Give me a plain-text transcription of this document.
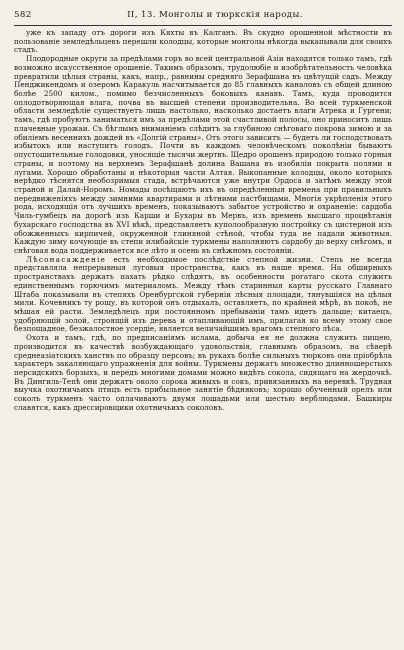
582	II, 13. Монголы и тюркскія народы.

уже къ западу отъ дороги изъ Кяхты въ Калганъ. Въ скудно орошенной мѣстности въ пользованіе земледѣльцевъ перешли колодцы, которые монголы нѣкогда выкапывали для своихъ стадъ.

Плодородные округи за предѣлами горъ во всей центральной Азіи находятся только тамъ, гдѣ возможно искусственное орошеніе. Такимъ образомъ, трудолюбіе и изобрѣтательность человѣка превратили цѣлыя страны, какъ, напр., равнины средняго Зерафшана въ цвѣтущій садъ. Между Пенджикендомъ и озеромъ Каракуль насчитывается до 85 главныхъ каналовъ съ общей длиною болѣе 2500 килом., помимо безчисленныхъ боковыхъ канавъ. Тамъ, куда проводится оплодотворяющая влага, почва въ высшей степени производительна. Во всей туркменской области земледѣліе существуетъ лишь настолько, насколько достаетъ влаги Атрека и Гургени; тамъ, гдѣ пробуютъ заниматься имъ за предѣлами этой счастливой полосы, оно приноситъ лишь плачевные урожаи. Съ бѣглымъ вниманіемъ слѣдитъ за глубиною снѣговаго покрова зимою и за обиліемъ весеннихъ дождей въ «Долгій страны». Отъ этого зависитъ — будетъ ли господствовать избытокъ или наступитъ голодъ. Почти въ каждомъ человѣческомъ поколѣніи бываютъ опустошительные голодовки, уносящіе тысячи жертвъ. Щедро орошенъ природою только горныя страны, и поэтому на верхнемъ Зерафшанѣ долина Вашана въ изобиліи покрыта полями и лугами. Хорошо обработаны и нѣкоторыя части Алтая. Выкопанные колодцы, около которыхъ нерѣдко тѣснятся необозримыя стада, встрѣчаются уже внутри Ордоса и затѣмъ между этой страной и Далай-Норомъ. Номады посѣщаютъ ихъ въ опредѣленныя времена при правильныхъ передвиженіяхъ между зимними квартирами и лѣтними пастбищами. Многія укрѣпленія этого рода, исходящія отъ лучшихъ временъ, показываютъ забытое устройство и охраненіе: сардоба Чиль-гумбецъ на дорогѣ изъ Карши и Бухары въ Мервъ, изъ времень высшаго процвѣтанія бухарскаго господства въ XVI вѣкѣ, представляетъ куполообразную постройку съ цистерной изъ обожженныхъ кирпичей, окруженной глиняной стѣной, чтобы туда не падали животныя. Каждую зиму кочующіе въ степи илибайскіе туркмены наполняютъ сардобу до верху снѣгомъ, и снѣговая вода поддерживается все лѣто и осень въ снѣжномъ состояніи.

Лѣсонасажденіе есть необходимое послѣдствіе степной жизни. Степь не всегда представляла непрерывныя луговыя пространства, какъ въ наше время. На обширныхъ пространствахъ держать пахать рѣдко слѣдятъ, въ особенности рогатаго скота служитъ единственнымъ горючимъ материаломъ. Между тѣмъ старинныя карты русскаго Главнаго Штаба показывали въ степяхъ Оренбургской губерніи лѣсныя площади, тянувшіяся на цѣлыя мили. Кочевникъ ту рощу, въ которой онъ отдыхалъ, оставляетъ, по крайней мѣрѣ, въ покоѣ, не мѣшая ей расти. Земледѣлецъ при постоянномъ пребываніи тамъ идетъ дальше; китаецъ, удобряющій золой, строящій изъ дерева и отапливающій имъ, прилагая ко всему этому свое безпощадное, безжалостное усердіе, является величайшимъ врагомъ степного лѣса.

Охота и тамъ, гдѣ, по предписаніямъ ислама, добыча ея не должна служить пищею, производится въ качествѣ возбуждающаго удовольствія, главнымъ образомъ, на сѣверѣ среднеазіатскихъ ханствъ по образцу персовъ; въ рукахъ болѣе сильныхъ тюрковъ она пріобрѣла характеръ закаляющаго упражненія для войны. Туркмены держатъ множество длинношерстыхъ персидскихъ борзыхъ, и передъ многими домами можно видѣть сокола, сидящаго на жердочкѣ. Въ Дингиль-Тепѣ они держатъ около сорока живыхъ и сокъ, привязанныхъ на веревкѣ. Трудная выучка охотничьихъ птицъ есть прибыльное занятіе бѣдняковъ; хорошо обученный орелъ или соколъ туркменъ часто оплачиваютъ двумя лошадьми или шестью верблюдами. Башкиры славятся, какъ дрессировщики охотничьихъ соколовъ.
